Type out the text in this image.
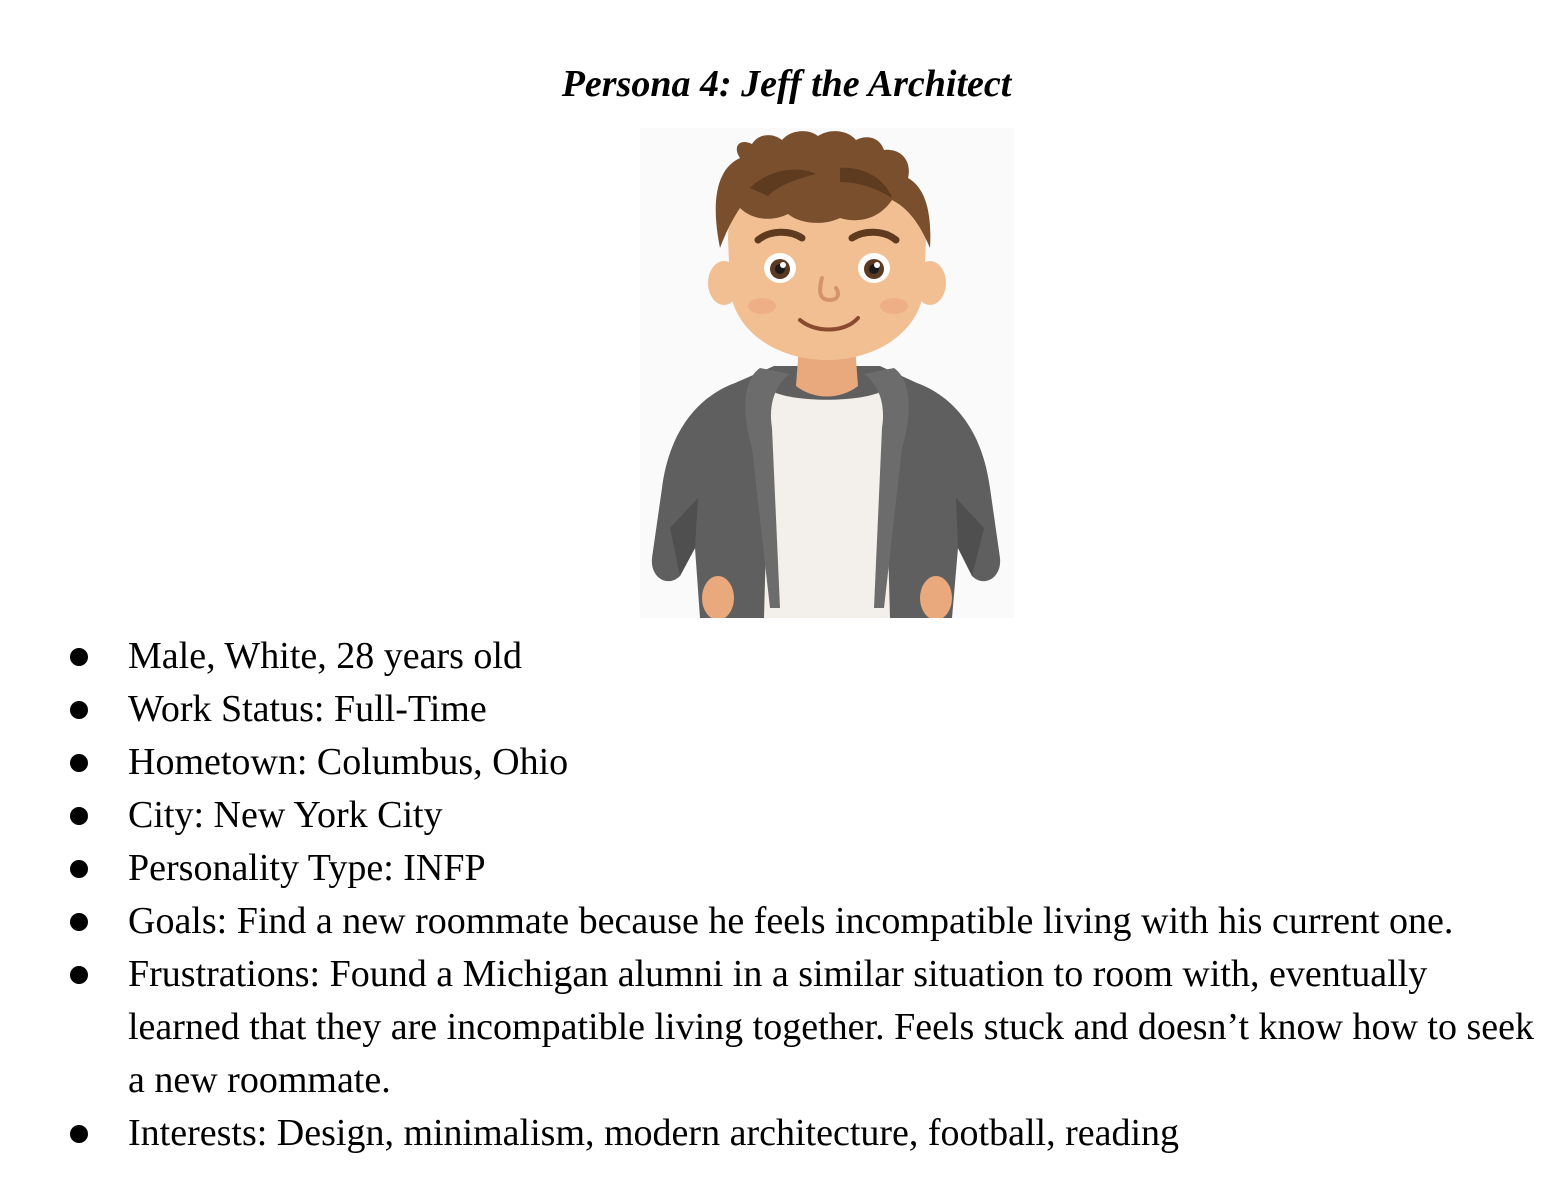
Persona 4: Jeff the Architect
Male, White, 28 years old
Work Status: Full-Time
Hometown: Columbus, Ohio
City: New York City
Personality Type: INFP
Goals: Find a new roommate because he feels incompatible living with his current one.
Frustrations: Found a Michigan alumni in a similar situation to room with, eventually learned that they are incompatible living together. Feels stuck and doesn’t know how to seek a new roommate.
Interests: Design, minimalism, modern architecture, football, reading
